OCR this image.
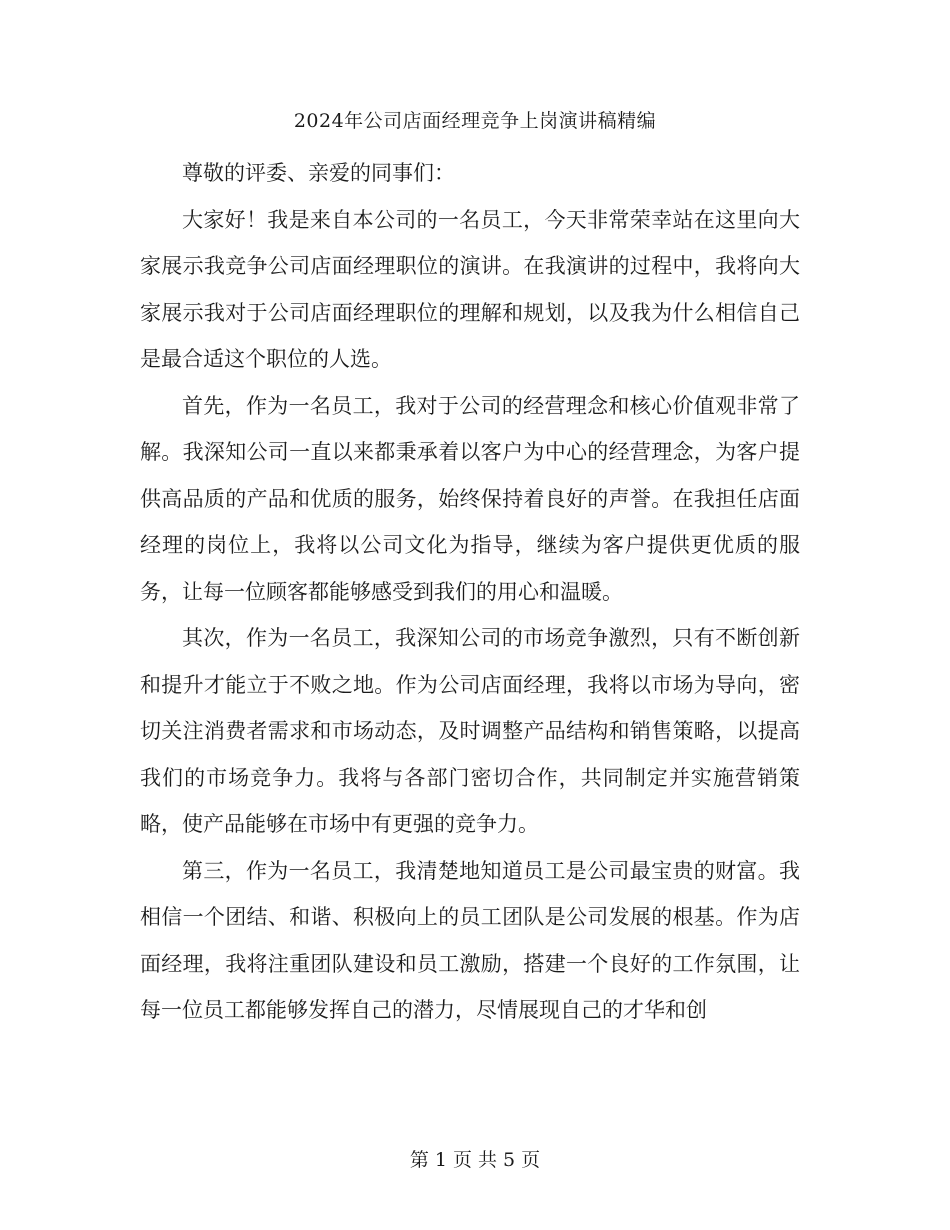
2024年公司店面经理竞争上岗演讲稿精编

尊敬的评委、亲爱的同事们：

大家好！我是来自本公司的一名员工，今天非常荣幸站在这里向大家展示我竞争公司店面经理职位的演讲。在我演讲的过程中，我将向大家展示我对于公司店面经理职位的理解和规划，以及我为什么相信自己是最合适这个职位的人选。

首先，作为一名员工，我对于公司的经营理念和核心价值观非常了解。我深知公司一直以来都秉承着以客户为中心的经营理念，为客户提供高品质的产品和优质的服务，始终保持着良好的声誉。在我担任店面经理的岗位上，我将以公司文化为指导，继续为客户提供更优质的服务，让每一位顾客都能够感受到我们的用心和温暖。

其次，作为一名员工，我深知公司的市场竞争激烈，只有不断创新和提升才能立于不败之地。作为公司店面经理，我将以市场为导向，密切关注消费者需求和市场动态，及时调整产品结构和销售策略，以提高我们的市场竞争力。我将与各部门密切合作，共同制定并实施营销策略，使产品能够在市场中有更强的竞争力。

第三，作为一名员工，我清楚地知道员工是公司最宝贵的财富。我相信一个团结、和谐、积极向上的员工团队是公司发展的根基。作为店面经理，我将注重团队建设和员工激励，搭建一个良好的工作氛围，让每一位员工都能够发挥自己的潜力，尽情展现自己的才华和创

第 1 页 共 5 页
